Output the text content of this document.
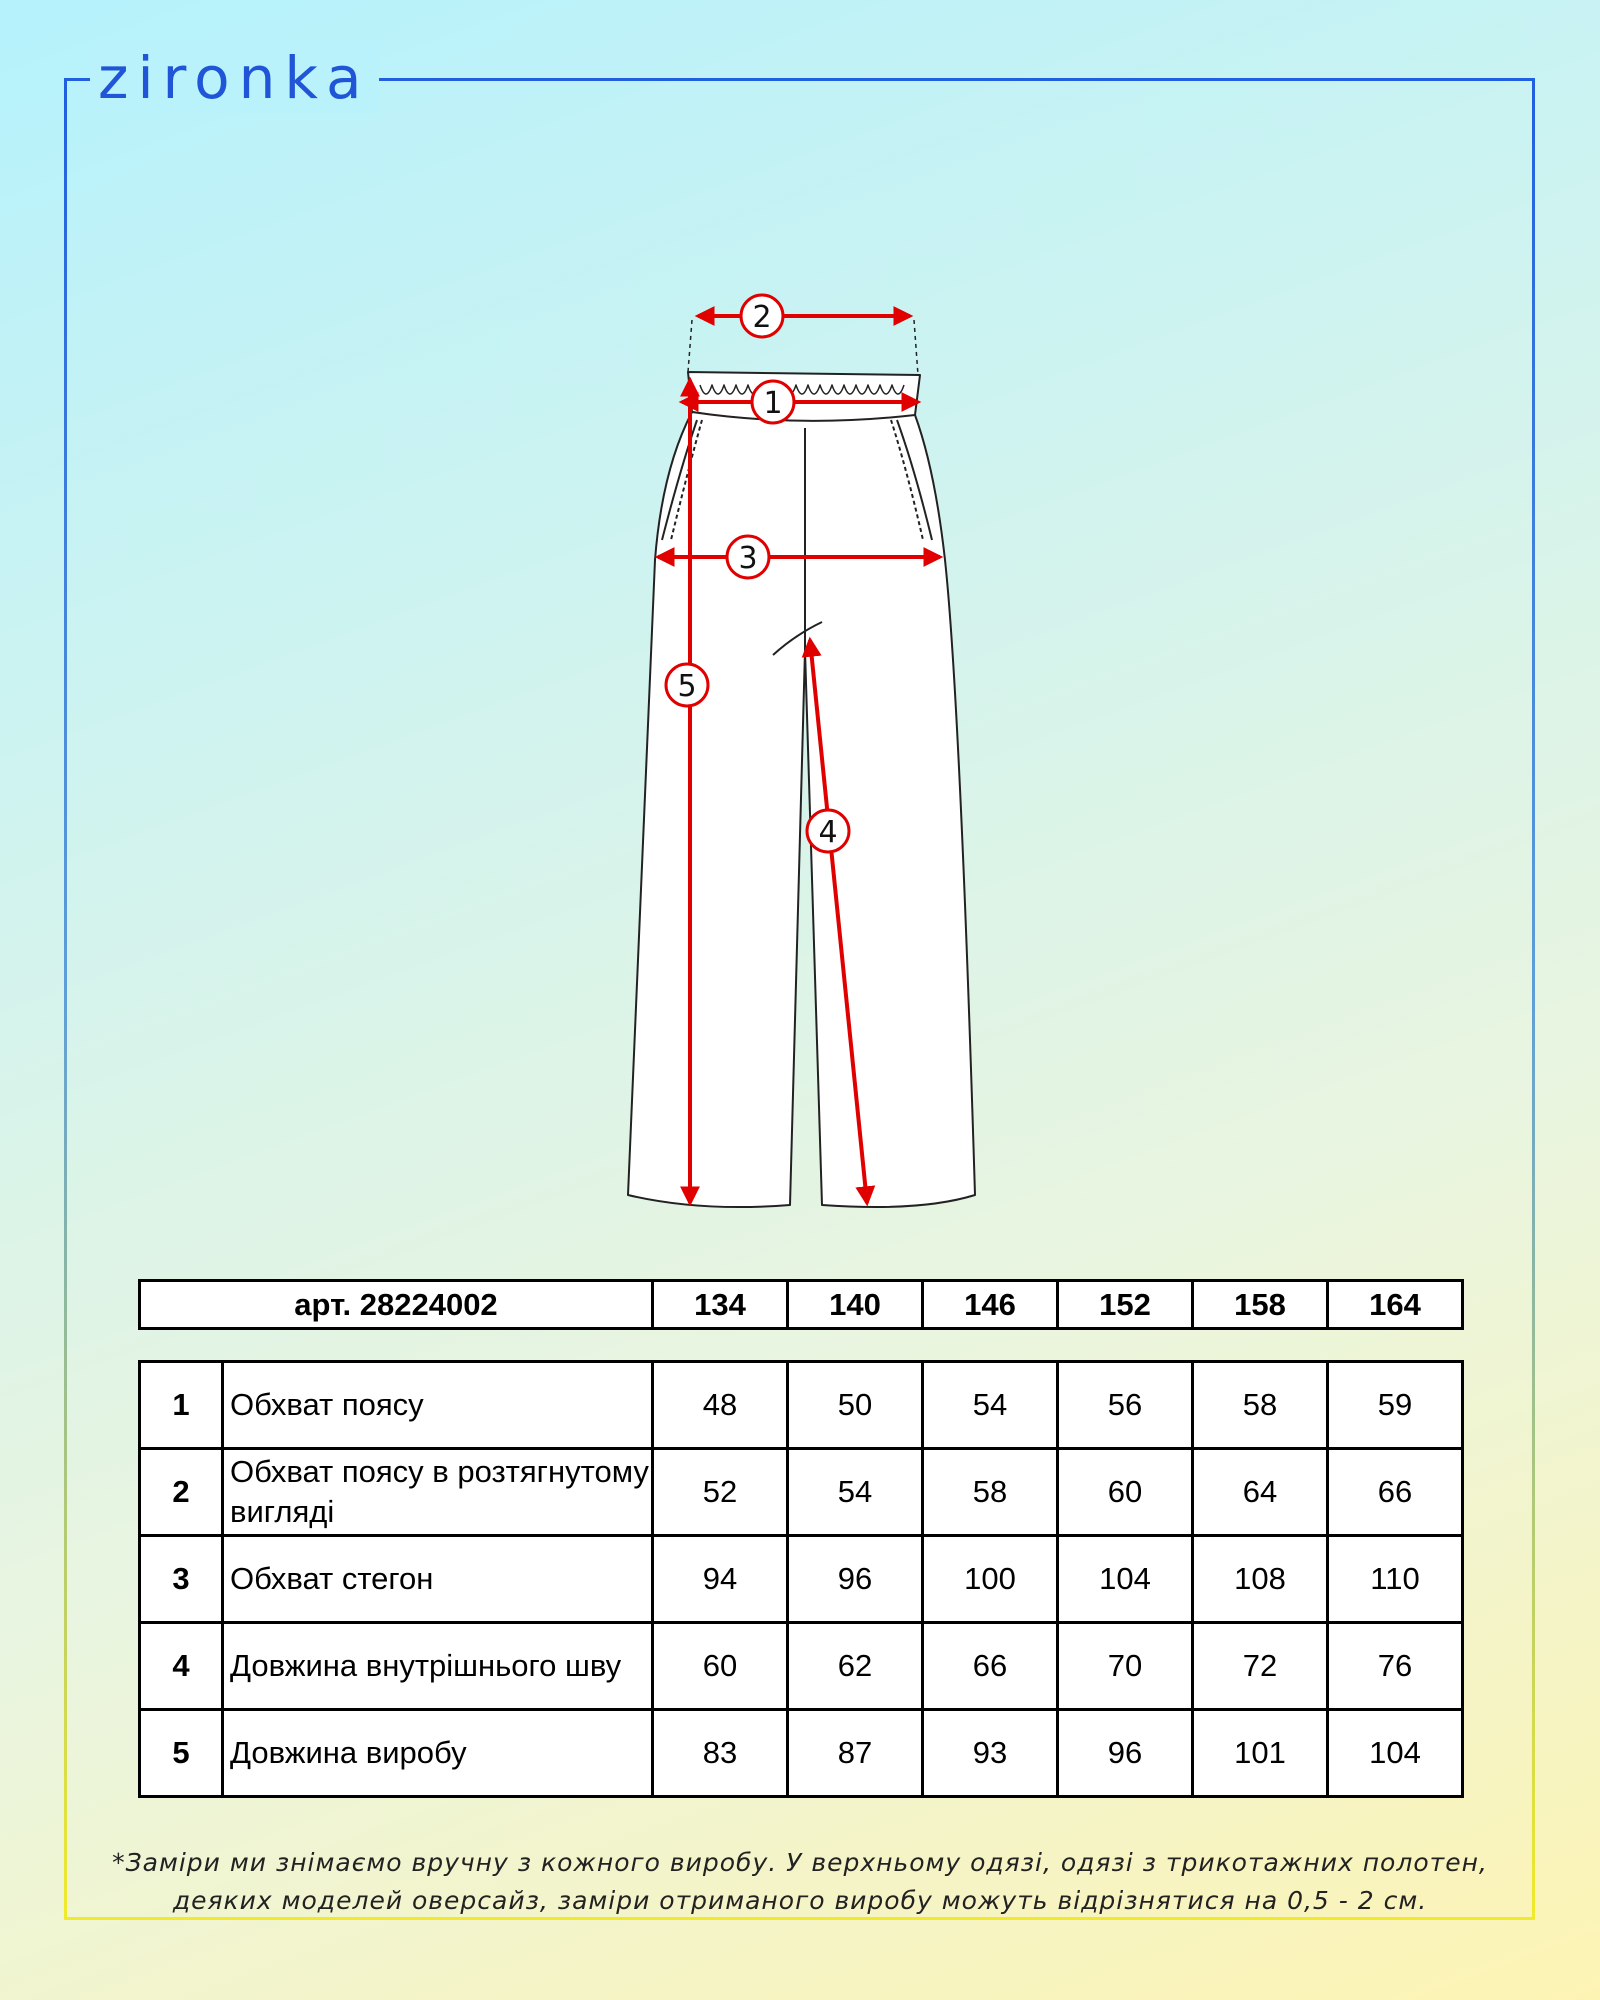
zironka
2
1
3
5
4
арт. 28224002	134	140	146	152	158	164
1	Обхват поясу	48	50	54	56	58	59
2	Обхват поясу в розтягнутому вигляді	52	54	58	60	64	66
3	Обхват стегон	94	96	100	104	108	110
4	Довжина внутрішнього шву	60	62	66	70	72	76
5	Довжина виробу	83	87	93	96	101	104
*Заміри ми знімаємо вручну з кожного виробу. У верхньому одязі, одязі з трикотажних полотен,
деяких моделей оверсайз, заміри отриманого виробу можуть відрізнятися на 0,5 - 2 см.
